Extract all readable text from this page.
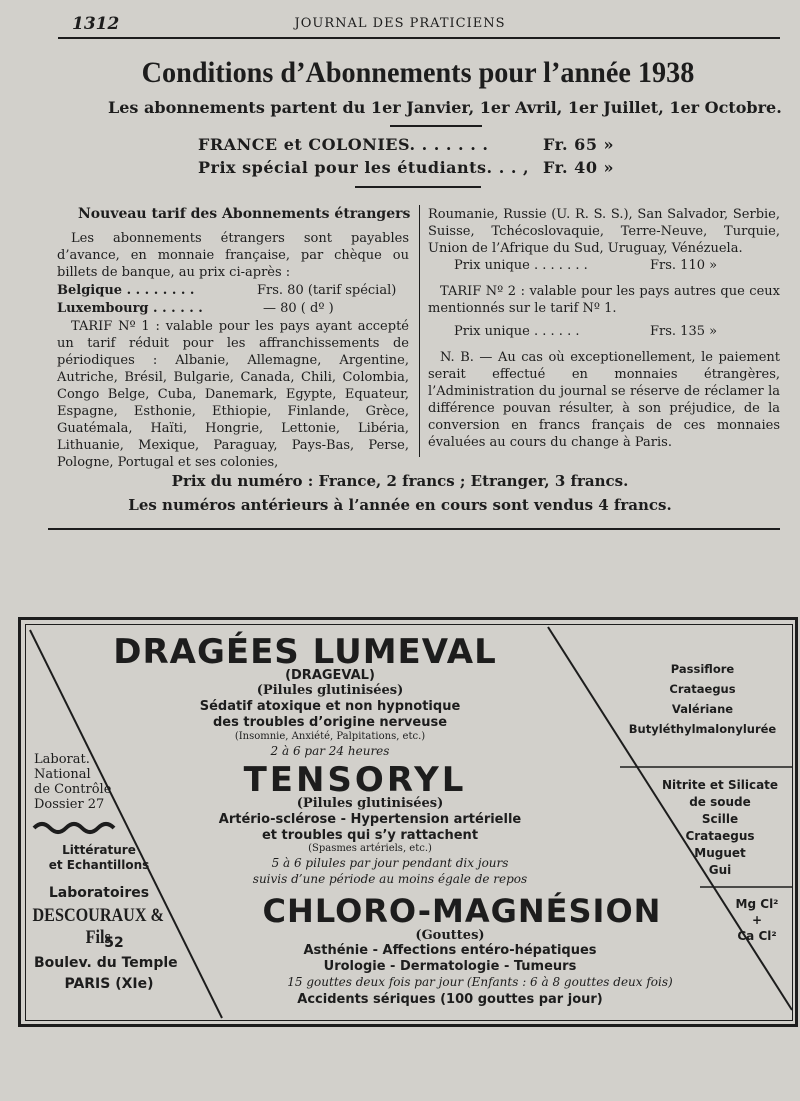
1312	JOURNAL DES PRATICIENS
Conditions d’Abonnements pour l’année 1938
Les abonnements partent du 1er Janvier, 1er Avril, 1er Juillet, 1er Octobre.
FRANCE et COLONIES. . . . . . .	Fr. 65 »
Prix spécial pour les étudiants. . . , Fr. 40 »
Nouveau tarif des Abonnements étrangers

Les abonnements étrangers sont payables d’avance, en monnaie française, par chèque ou billets de banque, au prix ci-après :

Belgique . . . . . . . .	Frs. 80 (tarif spécial)
Luxembourg . . . . . .	— 80 ( dº )

TARIF Nº 1 : valable pour les pays ayant accepté un tarif réduit pour les affranchissements de périodiques : Albanie, Allemagne, Argentine, Autriche, Brésil, Bulgarie, Canada, Chili, Colombia, Congo Belge, Cuba, Danemark, Egypte, Equateur, Espagne, Esthonie, Ethiopie, Finlande, Grèce, Guatémala, Haïti, Hongrie, Lettonie, Libéria, Lithuanie, Mexique, Paraguay, Pays-Bas, Perse, Pologne, Portugal et ses colonies,

Roumanie, Russie (U. R. S. S.), San Salvador, Serbie, Suisse, Tchécoslovaquie, Terre-Neuve, Turquie, Union de l’Afrique du Sud, Uruguay, Vénézuela.

Prix unique . . . . . . .	Frs. 110 »

TARIF Nº 2 : valable pour les pays autres que ceux mentionnés sur le tarif Nº 1.

Prix unique . . . . . .	Frs. 135 »

N. B. — Au cas où exceptionellement, le paiement serait effectué en monnaies étrangères, l’Administration du journal se réserve de réclamer la différence pouvan résulter, à son préjudice, de la conversion en francs français de ces monnaies évaluées au cours du change à Paris.

Prix du numéro : France, 2 francs ; Etranger, 3 francs.
Les numéros antérieurs à l’année en cours sont vendus 4 francs.
DRAGÉES LUMEVAL
(DRAGEVAL)
(Pilules glutinisées)
Sédatif atoxique et non hypnotique
des troubles d’origine nerveuse
(Insomnie, Anxiété, Palpitations, etc.)
2 à 6 par 24 heures
TENSORYL
(Pilules glutinisées)
Artério-sclérose - Hypertension artérielle
et troubles qui s’y rattachent
(Spasmes artériels, etc.)
5 à 6 pilules par jour pendant dix jours
suivis d’une période au moins égale de repos
CHLORO-MAGNÉSION
(Gouttes)
Asthénie - Affections entéro-hépatiques
Urologie - Dermatologie - Tumeurs
15 gouttes deux fois par jour (Enfants : 6 à 8 gouttes deux fois)
Accidents sériques (100 gouttes par jour)
Laborat.
National
de Contrôle
Dossier 27
Littérature
et Echantillons
Laboratoires
DESCOURAUX & Fils
52
Boulev. du Temple
PARIS (XIe)
Passiflore
Crataegus
Valériane
Butyléthylmalonylurée
Nitrite et Silicate
de soude
Scille
Crataegus
Muguet
Gui
Mg Cl²
+
Ca Cl²
